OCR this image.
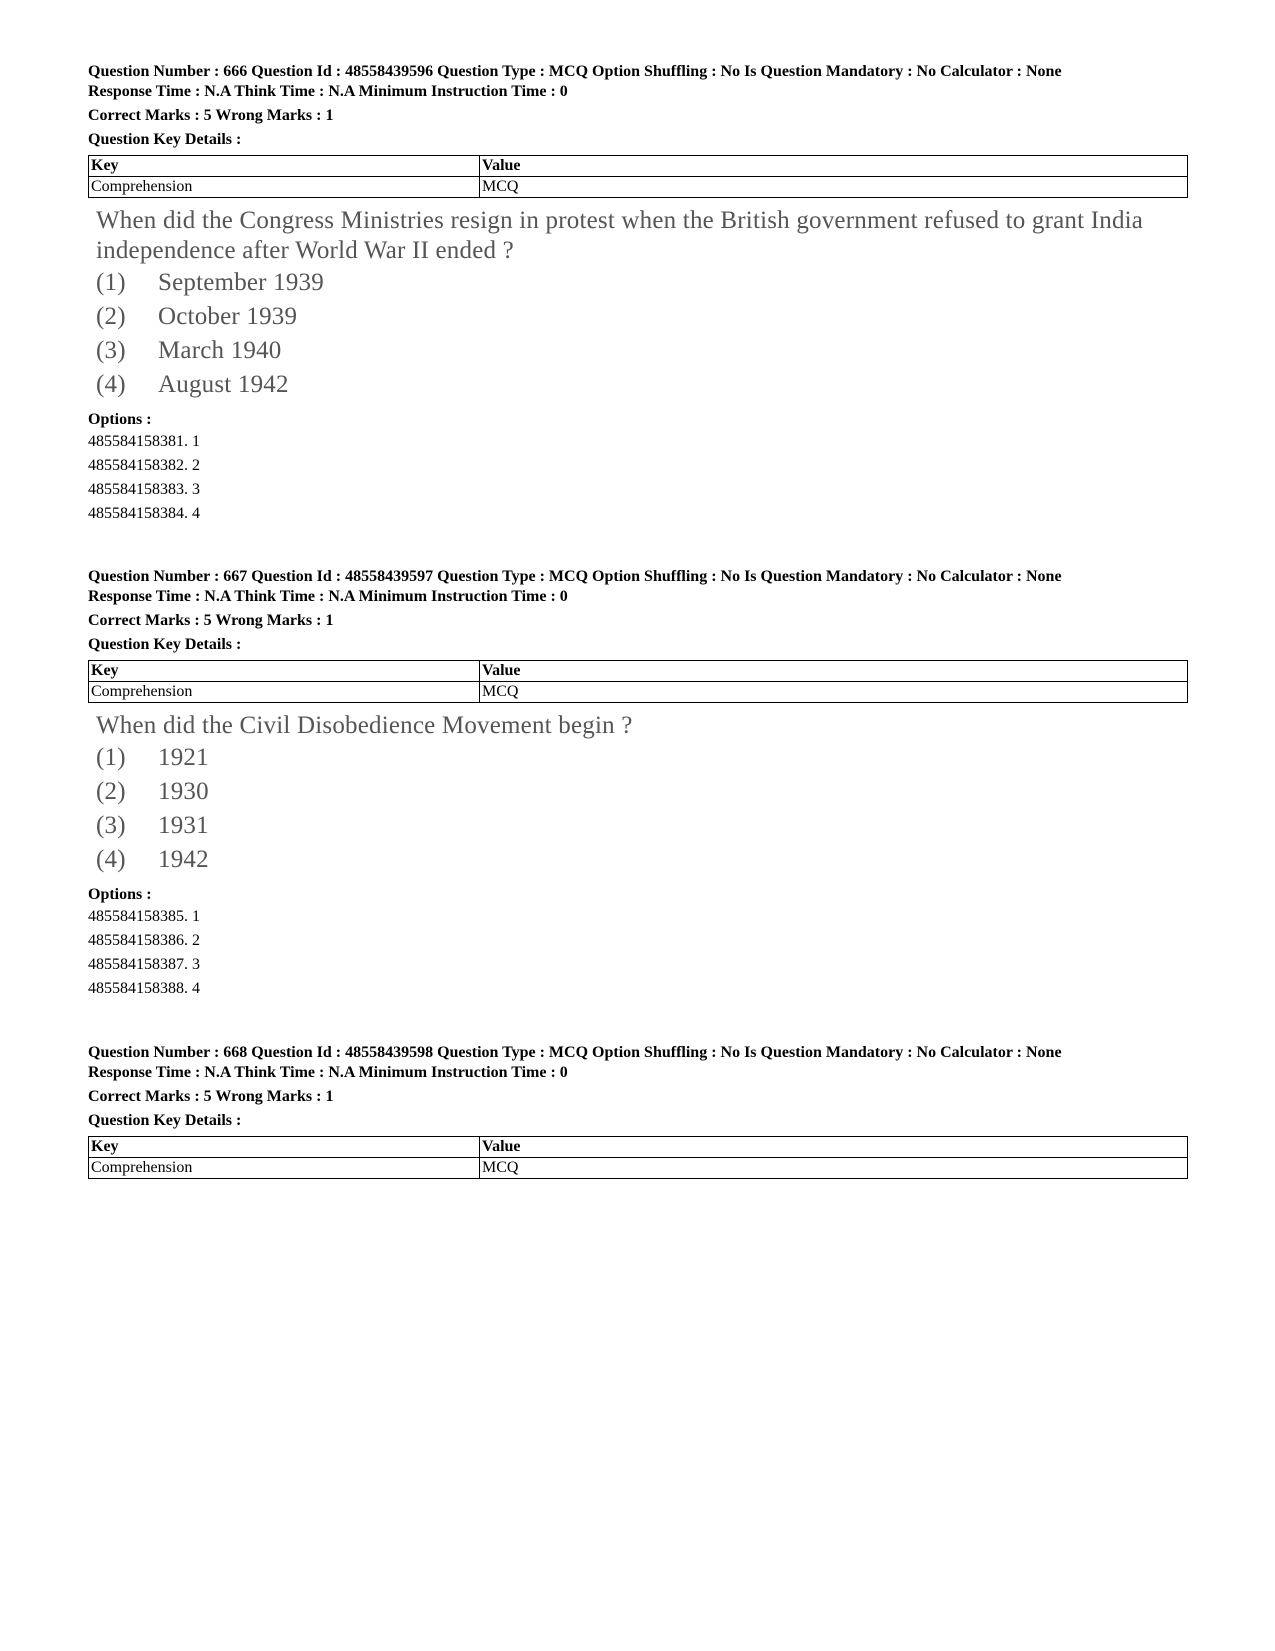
Question Number : 666 Question Id : 48558439596 Question Type : MCQ Option Shuffling : No Is Question Mandatory : No Calculator : None

Response Time : N.A Think Time : N.A Minimum Instruction Time : 0

Correct Marks : 5 Wrong Marks : 1
Question Key Details :
Key	Value
Comprehension	MCQ

When did the Congress Ministries resign in protest when the British government refused to grant India independence after World War II ended ?

(1)	September 1939
(2)	October 1939
(3)	March 1940
(4)	August 1942
Options :
485584158381. 1
485584158382. 2
485584158383. 3
485584158384. 4

Question Number : 667 Question Id : 48558439597 Question Type : MCQ Option Shuffling : No Is Question Mandatory : No Calculator : None

Response Time : N.A Think Time : N.A Minimum Instruction Time : 0

Correct Marks : 5 Wrong Marks : 1
Question Key Details :
Key	Value
Comprehension	MCQ

When did the Civil Disobedience Movement begin ?

(1)	1921
(2)	1930
(3)	1931
(4)	1942
Options :
485584158385. 1
485584158386. 2
485584158387. 3
485584158388. 4

Question Number : 668 Question Id : 48558439598 Question Type : MCQ Option Shuffling : No Is Question Mandatory : No Calculator : None

Response Time : N.A Think Time : N.A Minimum Instruction Time : 0

Correct Marks : 5 Wrong Marks : 1
Question Key Details :
Key	Value
Comprehension	MCQ
